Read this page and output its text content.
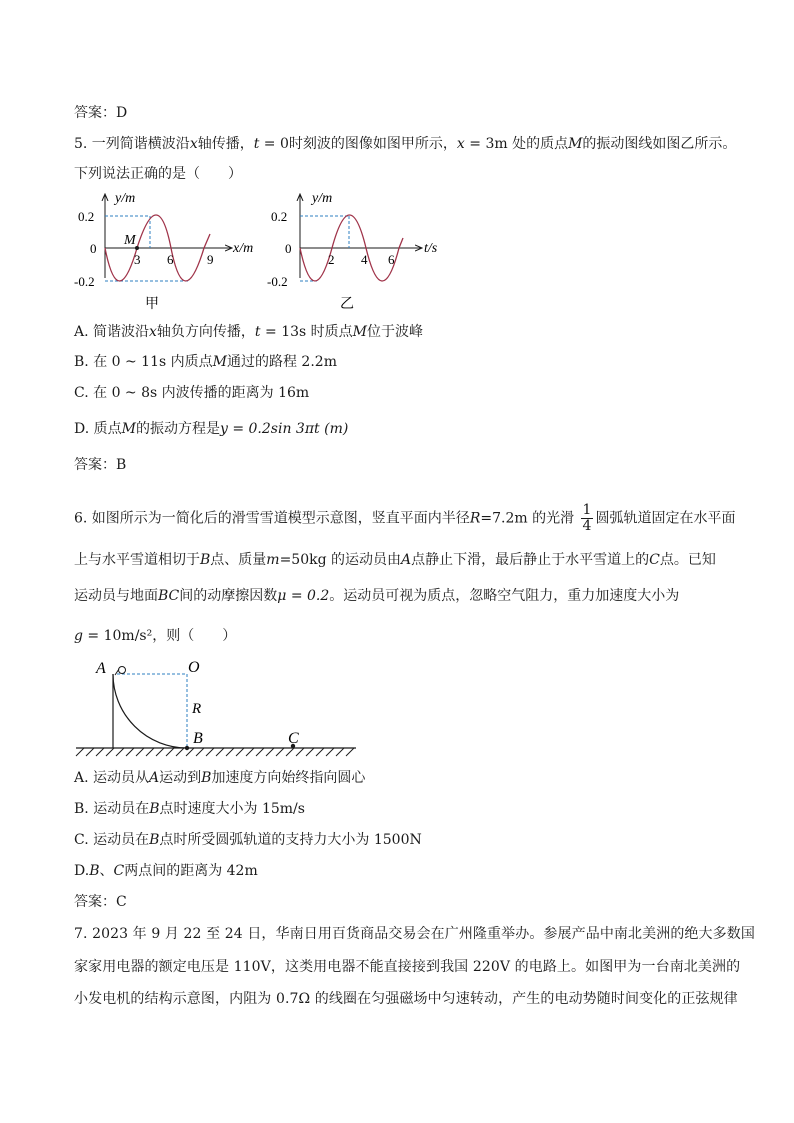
答案：D
5. 一列简谐横波沿x轴传播，t = 0时刻波的图像如图甲所示，x = 3m 处的质点M的振动图线如图乙所示。
下列说法正确的是（　　）
y/m
0.2
0
-0.2
M
3 6	9
x/m
甲
y/m
0.2
0
-0.2
2 4 6
t/s
乙
A. 简谐波沿x轴负方向传播，t = 13s 时质点M位于波峰
B. 在 0 ~ 11s 内质点M通过的路程 2.2m
C. 在 0 ~ 8s 内波传播的距离为 16m
D. 质点M的振动方程是y = 0.2sin 3πt (m)
答案：B
6. 如图所示为一简化后的滑雪雪道模型示意图，竖直平面内半径R=7.2m 的光滑 $\frac{1}{4}$ 圆弧轨道固定在水平面
上与水平雪道相切于B点、质量m=50kg 的运动员由A点静止下滑，最后静止于水平雪道上的C点。已知
运动员与地面BC间的动摩擦因数μ = 0.2。运动员可视为质点，忽略空气阻力，重力加速度大小为
g = 10m/s²，则（　　）
A	O
R
B	C
A. 运动员从A运动到B加速度方向始终指向圆心
B. 运动员在B点时速度大小为 15m/s
C. 运动员在B点时所受圆弧轨道的支持力大小为 1500N
D.B、C两点间的距离为 42m
答案：C
7. 2023 年 9 月 22 至 24 日，华南日用百货商品交易会在广州隆重举办。参展产品中南北美洲的绝大多数国
家家用电器的额定电压是 110V，这类用电器不能直接接到我国 220V 的电路上。如图甲为一台南北美洲的
小发电机的结构示意图，内阻为 0.7Ω 的线圈在匀强磁场中匀速转动，产生的电动势随时间变化的正弦规律
